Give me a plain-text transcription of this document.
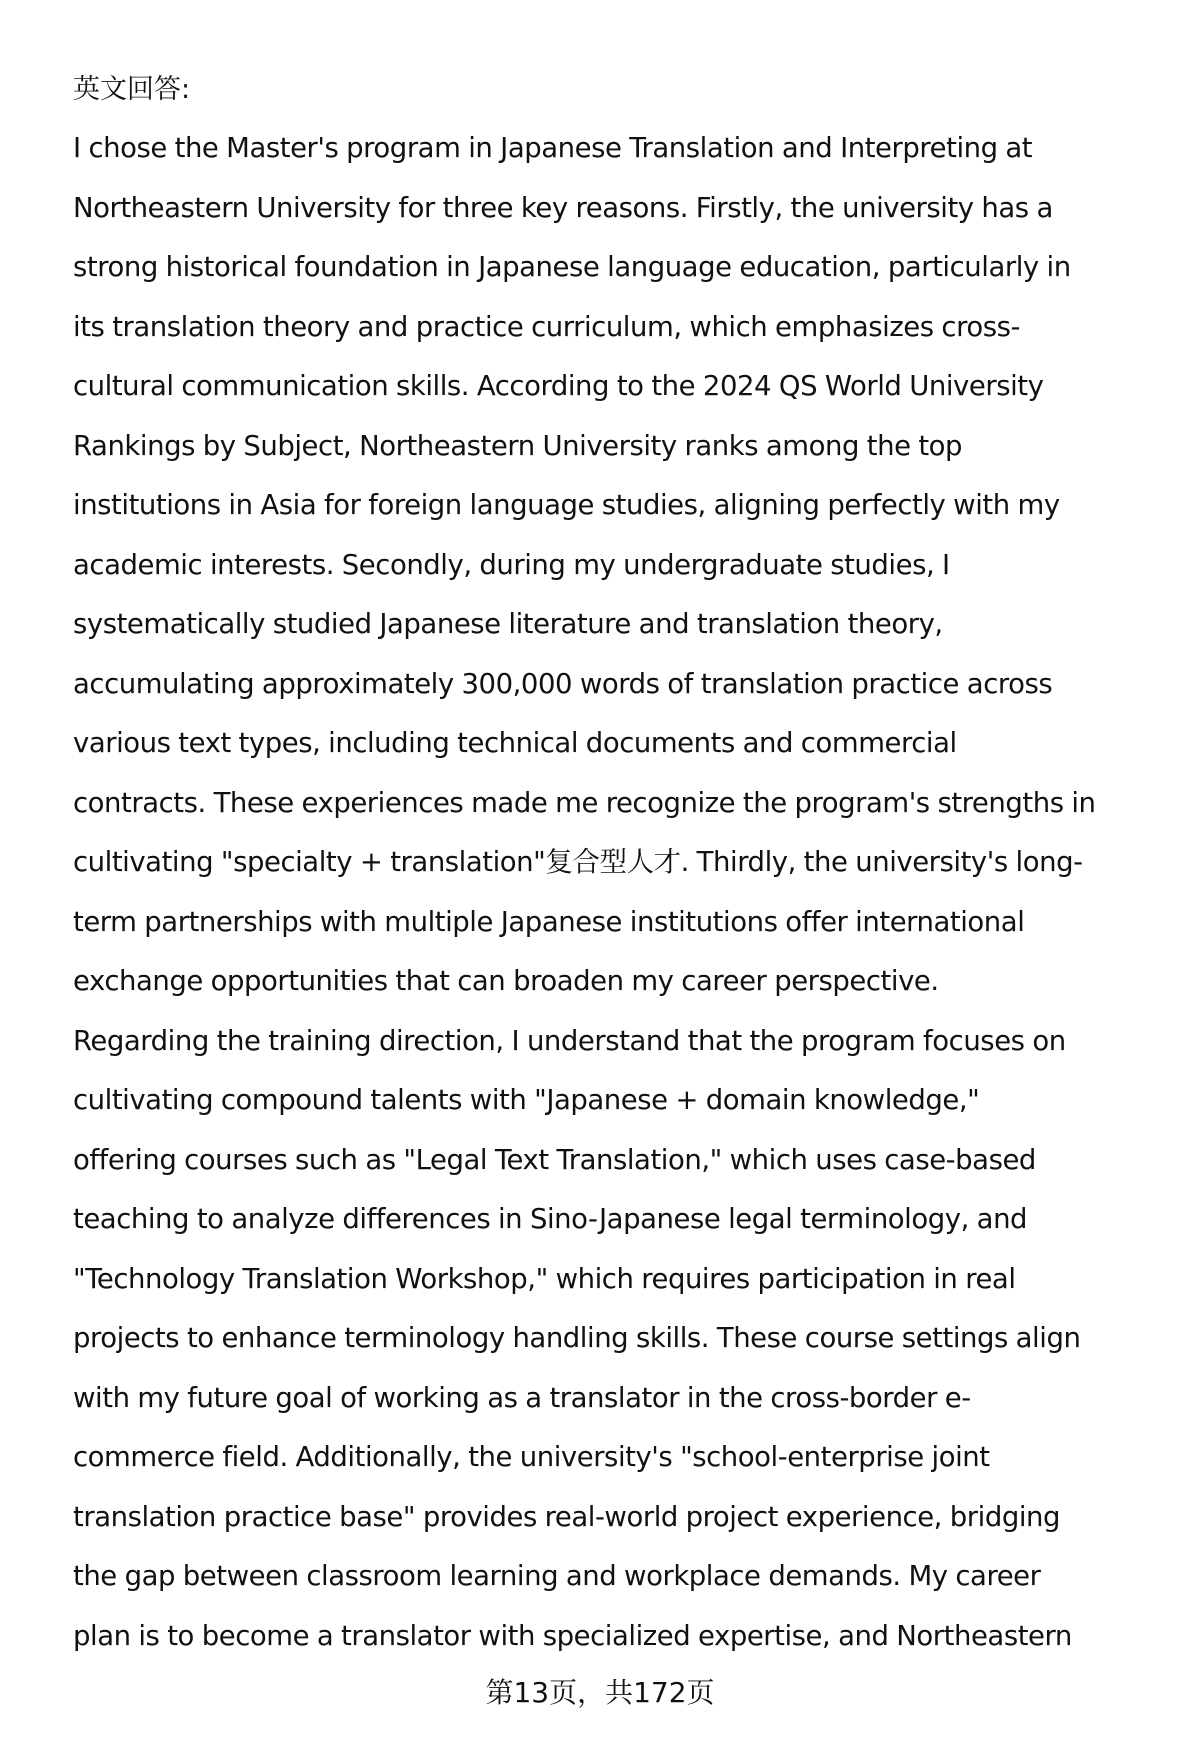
英文回答:
I chose the Master's program in Japanese Translation and Interpreting at
Northeastern University for three key reasons. Firstly, the university has a
strong historical foundation in Japanese language education, particularly in
its translation theory and practice curriculum, which emphasizes cross-
cultural communication skills. According to the 2024 QS World University
Rankings by Subject, Northeastern University ranks among the top
institutions in Asia for foreign language studies, aligning perfectly with my
academic interests. Secondly, during my undergraduate studies, I
systematically studied Japanese literature and translation theory,
accumulating approximately 300,000 words of translation practice across
various text types, including technical documents and commercial
contracts. These experiences made me recognize the program's strengths in
cultivating "specialty + translation"复合型人才. Thirdly, the university's long-
term partnerships with multiple Japanese institutions offer international
exchange opportunities that can broaden my career perspective.
Regarding the training direction, I understand that the program focuses on
cultivating compound talents with "Japanese + domain knowledge,"
offering courses such as "Legal Text Translation," which uses case-based
teaching to analyze differences in Sino-Japanese legal terminology, and
"Technology Translation Workshop," which requires participation in real
projects to enhance terminology handling skills. These course settings align
with my future goal of working as a translator in the cross-border e-
commerce field. Additionally, the university's "school-enterprise joint
translation practice base" provides real-world project experience, bridging
the gap between classroom learning and workplace demands. My career
plan is to become a translator with specialized expertise, and Northeastern
第13页，共172页
